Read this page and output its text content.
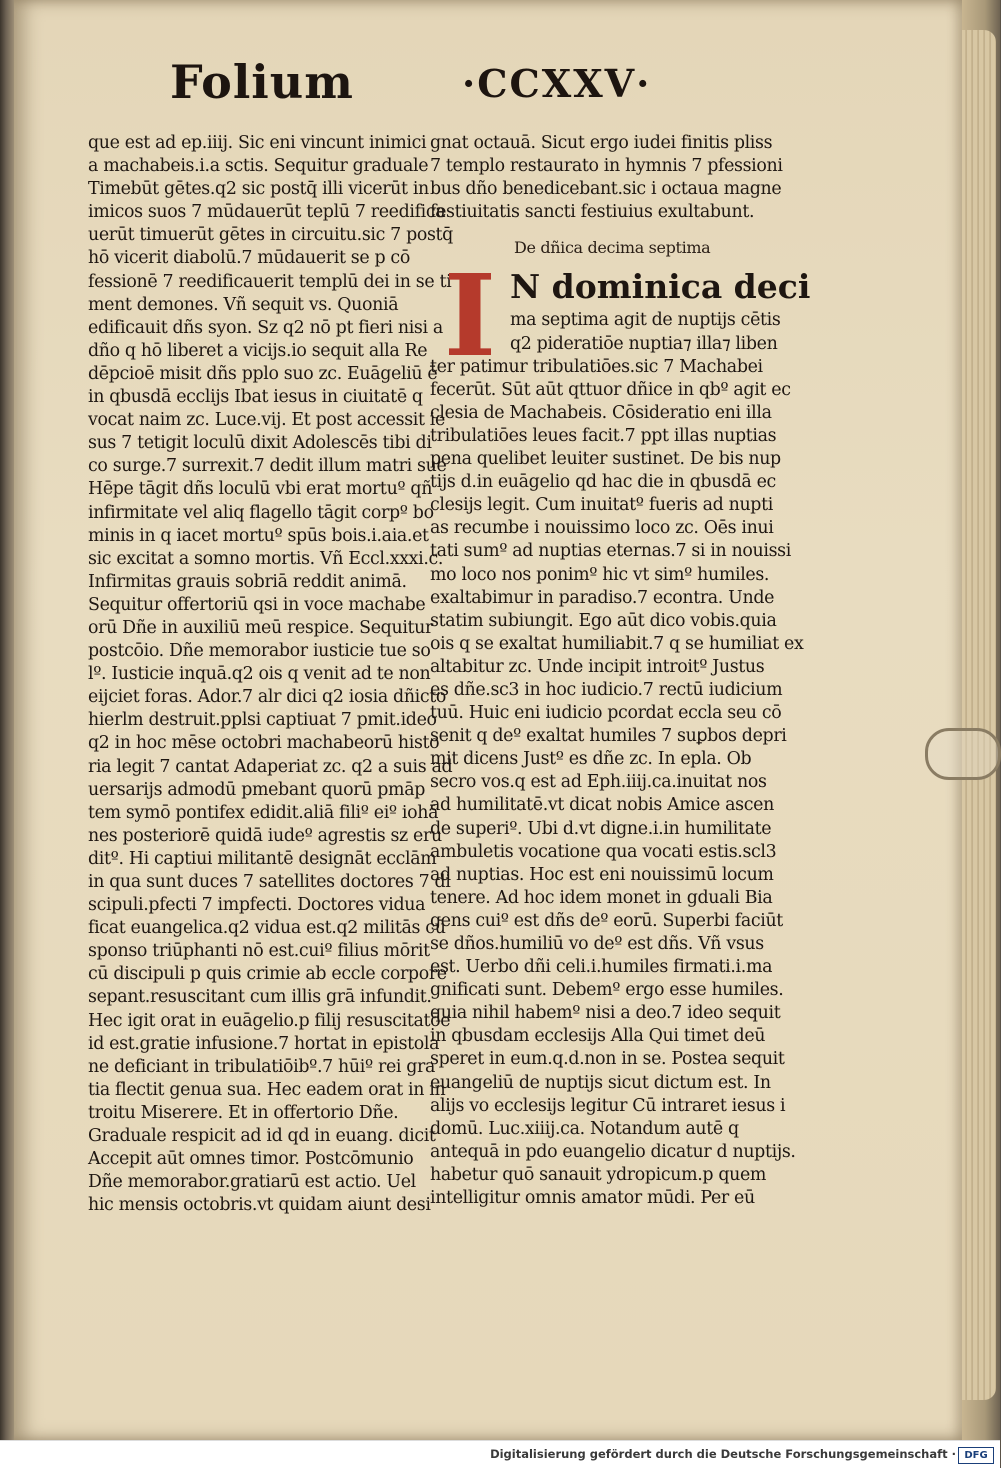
Folium	·CCXXV·
que est ad ep.iiij. Sic eni vincunt inimici
a machabeis.i.a sctis. Sequitur graduale
Timebūt gētes.q2 sic postq̄ illi vicerūt in
imicos suos 7 mūdauerūt teplū 7 reedifica
uerūt timuerūt gētes in circuitu.sic 7 postq̄
hō vicerit diabolū.7 mūdauerit se p cō
fessionē 7 reedificauerit templū dei in se ti
ment demones. Vñ sequit vs. Quoniā
edificauit dñs syon. Sz q2 nō pt fieri nisi a
dño q hō liberet a vicijs.io sequit alla Re
dēpcioē misit dñs pplo suo zc. Euāgeliū ē
in qbusdā ecclijs Ibat iesus in ciuitatē q
vocat naim zc. Luce.vij. Et post accessit ie
sus 7 tetigit loculū dixit Adolescēs tibi di
co surge.7 surrexit.7 dedit illum matri sue
Hēpe tāgit dñs loculū vbi erat mortuº qñ
infirmitate vel aliq flagello tāgit corpº bo
minis in q iacet mortuº spūs bois.i.aia.et
sic excitat a somno mortis. Vñ Eccl.xxxi.c.
Infirmitas grauis sobriā reddit animā.
Sequitur offertoriū qsi in voce machabe
orū Dñe in auxiliū meū respice. Sequitur
postcōio. Dñe memorabor iusticie tue so
lº. Iusticie inquā.q2 ois q venit ad te non
eijciet foras. Ador.7 alr dici q2 iosia dñicto
hierlm destruit.pplsi captiuat 7 pmit.ideo
q2 in hoc mēse octobri machabeorū histo
ria legit 7 cantat Adaperiat zc. q2 a suis ad
uersarijs admodū pmebant quorū pmāp
tem symō pontifex edidit.aliā filiº eiº iohā
nes posteriorē quidā iudeº agrestis sz eru
ditº. Hi captiui militantē designāt ecclām
in qua sunt duces 7 satellites doctores 7 di
scipuli.pfecti 7 impfecti. Doctores vidua
ficat euangelica.q2 vidua est.q2 militās cū
sponso triūphanti nō est.cuiº filius mōrit
cū discipuli p quis crimie ab eccle corpore
sepant.resuscitant cum illis grā infundit.
Hec igit orat in euāgelio.p filij resuscitatōe
id est.gratie infusione.7 hortat in epistola
ne deficiant in tribulatiōibº.7 hūiº rei gra
tia flectit genua sua. Hec eadem orat in in
troitu Miserere. Et in offertorio Dñe.
Graduale respicit ad id qd in euang. dicit
Accepit aūt omnes timor. Postcōmunio
Dñe memorabor.gratiarū est actio. Uel
hic mensis octobris.vt quidam aiunt desi
gnat octauā. Sicut ergo iudei finitis pliss
7 templo restaurato in hymnis 7 pfessioni
bus dño benedicebant.sic i octaua magne
festiuitatis sancti festiuius exultabunt.
De dñica decima septima
N dominica deci
ma septima agit de nuptijs cētis
q2 pideratiōe nuptia⁊ illa⁊ liben
ter patimur tribulatiōes.sic 7 Machabei
fecerūt. Sūt aūt qttuor dñice in qbº agit ec
clesia de Machabeis. Cōsideratio eni illa
tribulatiōes leues facit.7 ppt illas nuptias
pena quelibet leuiter sustinet. De bis nup
tijs d.in euāgelio qd hac die in qbusdā ec
clesijs legit. Cum inuitatº fueris ad nupti
as recumbe i nouissimo loco zc. Oēs inui
tati sumº ad nuptias eternas.7 si in nouissi
mo loco nos ponimº hic vt simº humiles.
exaltabimur in paradiso.7 econtra. Unde
statim subiungit. Ego aūt dico vobis.quia
ois q se exaltat humiliabit.7 q se humiliat ex
altabitur zc. Unde incipit introitº Justus
es dñe.sc3 in hoc iudicio.7 rectū iudicium
tuū. Huic eni iudicio pcordat eccla seu cō
senit q deº exaltat humiles 7 suꝑbos depri
mit dicens Justº es dñe zc. In epla. Ob
secro vos.q est ad Eph.iiij.ca.inuitat nos
ad humilitatē.vt dicat nobis Amice ascen
de superiº. Ubi d.vt digne.i.in humilitate
ambuletis vocatione qua vocati estis.scl3
ad nuptias. Hoc est eni nouissimū locum
tenere. Ad hoc idem monet in gduali Bia
gens cuiº est dñs deº eorū. Superbi faciūt
se dños.humiliū vo deº est dñs. Vñ vsus
est. Uerbo dñi celi.i.humiles firmati.i.ma
gnificati sunt. Debemº ergo esse humiles.
quia nihil habemº nisi a deo.7 ideo sequit
in qbusdam ecclesijs Alla Qui timet deū
speret in eum.q.d.non in se. Postea sequit
euangeliū de nuptijs sicut dictum est. In
alijs vo ecclesijs legitur Cū intraret iesus i
domū. Luc.xiiij.ca. Notandum autē q
antequā in pdo euangelio dicatur d nuptijs.
habetur quō sanauit ydropicum.p quem
intelligitur omnis amator mūdi. Per eū
I
Digitalisierung gefördert durch die Deutsche Forschungsgemeinschaft · DFG
